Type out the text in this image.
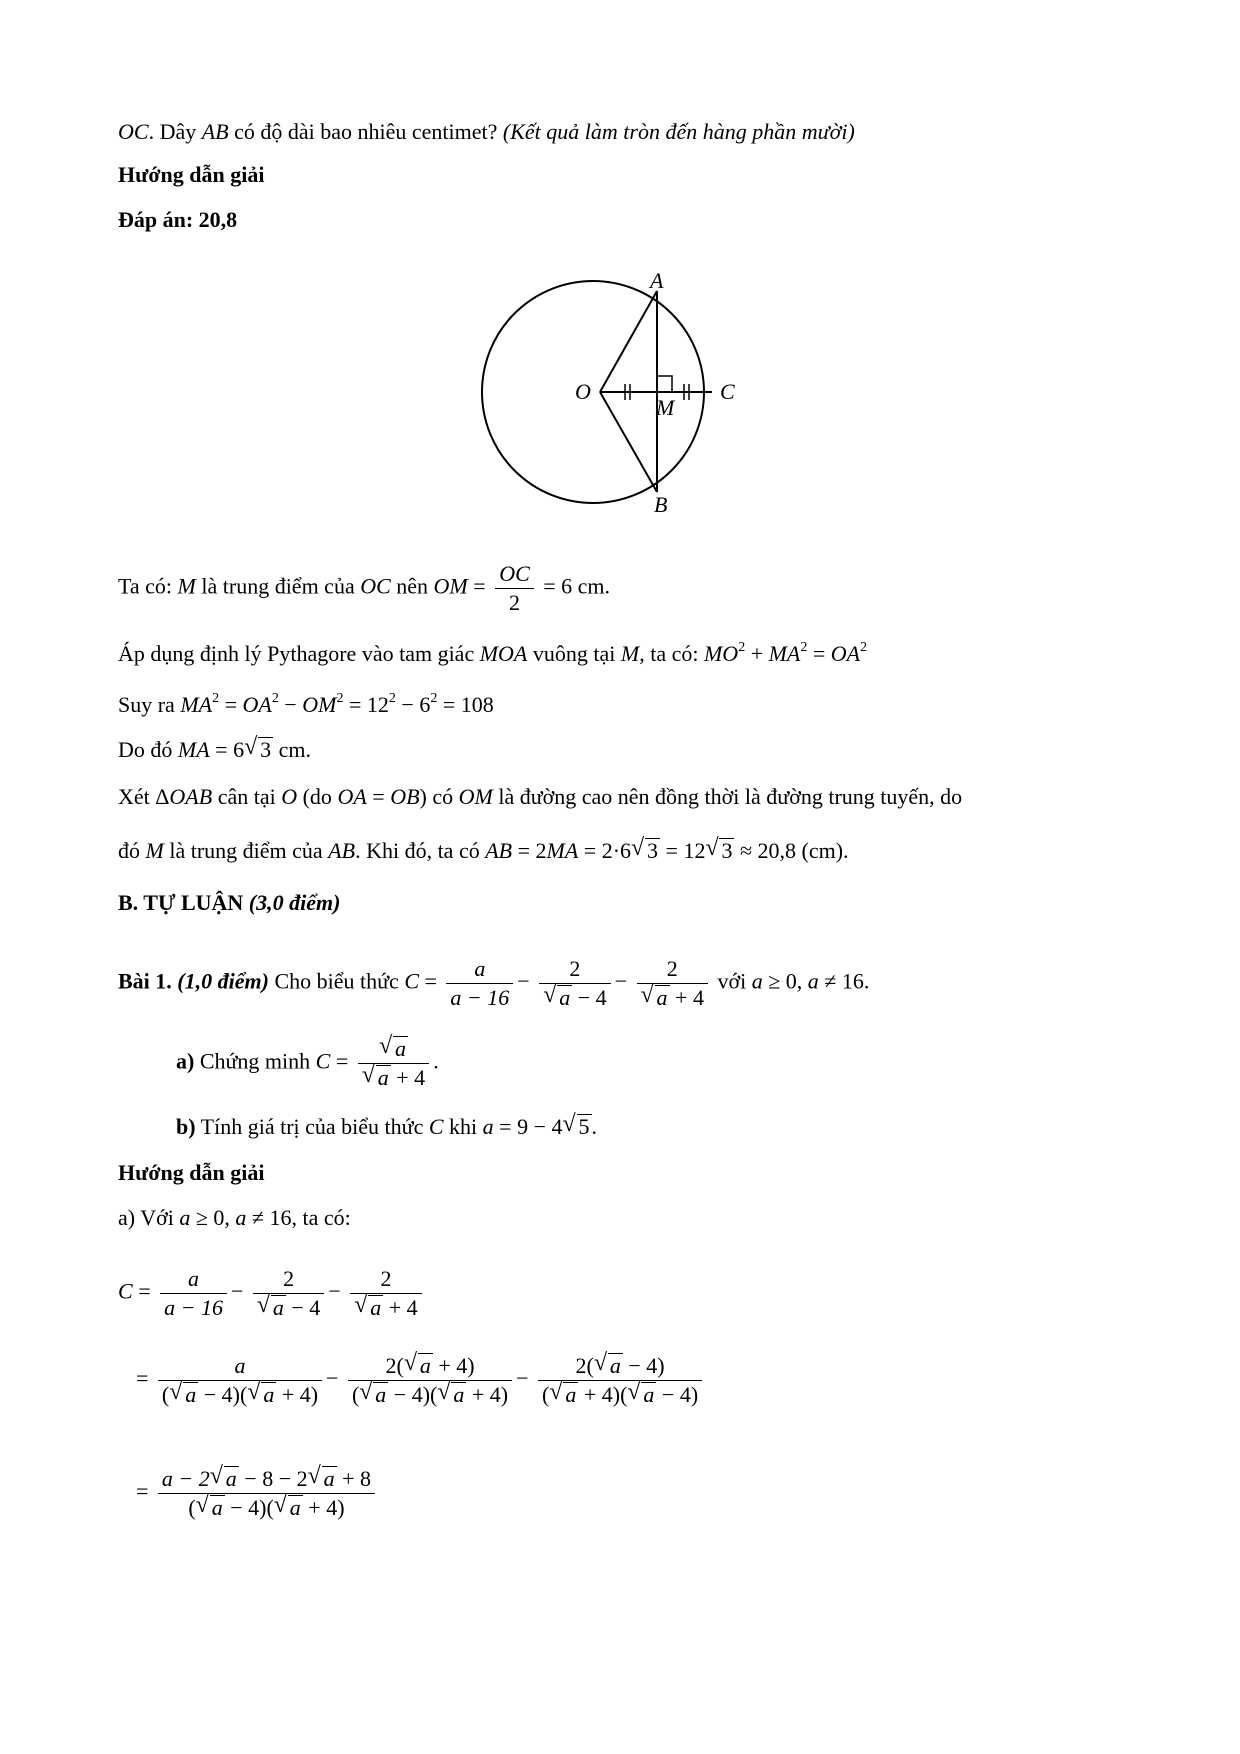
OC. Dây AB có độ dài bao nhiêu centimet? (Kết quả làm tròn đến hàng phần mười)
Hướng dẫn giải
Đáp án: 20,8
A
B
C
O
M
Ta có: M là trung điểm của OC nên OM = $\frac{OC}{2} = 6$ cm.
Áp dụng định lý Pythagore vào tam giác MOA vuông tại M, ta có: $MO^2 + MA^2 = OA^2$
Suy ra $MA^2 = OA^2 - OM^2 = 12^2 - 6^2 = 108$
Do đó MA = 6 √ 3 cm.
Xét ΔOAB cân tại O (do OA = OB) có OM là đường cao nên đồng thời là đường trung tuyến, do
đó M là trung điểm của AB. Khi đó, ta có AB = 2MA = 2·6 √ 3 = 12 √ 3 ≈ 20,8 (cm).
B. TỰ LUẬN (3,0 điểm)
Bài 1. (1,0 điểm) Cho biểu thức $C = \frac{a}{a - 16} - 2$
√ a − 4 − 2
√ a + 4 với a ≥ 0, a ≠ 16.
a) Chứng minh C = √ a
√ a + 4 .
b) Tính giá trị của biểu thức C khi a = 9 − 4 √ 5.
Hướng dẫn giải
a) Với a ≥ 0, a ≠ 16, ta có:
$C = \frac{a}{a - 16} - 2$
√ a − 4 − 2
√ a + 4
= $\frac{a}{( √ a - 4)( √ a + 4)} - \frac{2( √ a + 4)}{( √ a - 4)( √ a + 4)} - \frac{2( √ a - 4)}{( √ a + 4)( √ a - 4)}$
= $\frac{a - 2 √ a - 8 - 2 √ a + 8}{( √ a - 4)( √ a + 4)}$
